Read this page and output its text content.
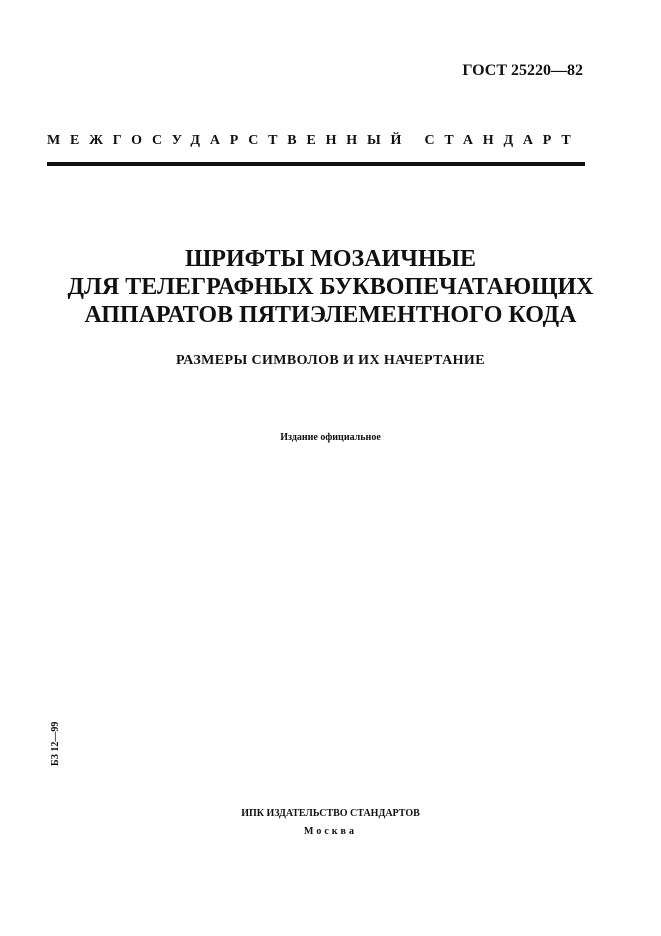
ГОСТ 25220—82
МЕЖГОСУДАРСТВЕННЫЙ СТАНДАРТ
ШРИФТЫ МОЗАИЧНЫЕ
ДЛЯ ТЕЛЕГРАФНЫХ БУКВОПЕЧАТАЮЩИХ
АППАРАТОВ ПЯТИЭЛЕМЕНТНОГО КОДА
РАЗМЕРЫ СИМВОЛОВ И ИХ НАЧЕРТАНИЕ
Издание официальное
БЗ 12—99
ИПК ИЗДАТЕЛЬСТВО СТАНДАРТОВ
Москва
